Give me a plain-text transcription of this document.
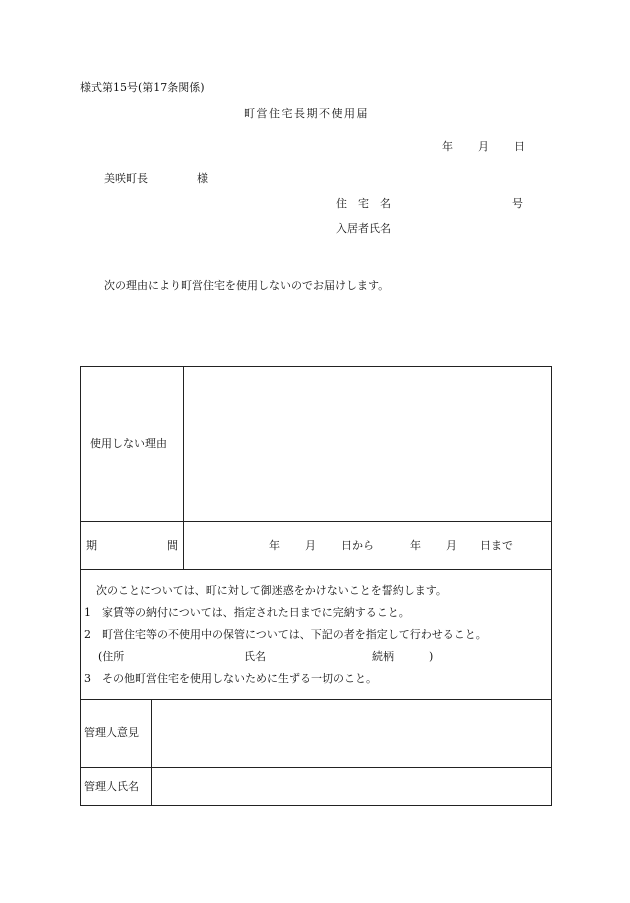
様式第15号(第17条関係)
町営住宅長期不使用届
年 月 日
美咲町長	様
住　宅　名	号
入居者氏名
次の理由により町営住宅を使用しないのでお届けします。
使用しない理由
期	間	年 月 日から	年 月 日まで
次のことについては、町に対して御迷惑をかけないことを誓約します。
1　家賃等の納付については、指定された日までに完納すること。
2　町営住宅等の不使用中の保管については、下記の者を指定して行わせること。
(住所	氏名	続柄	)
3　その他町営住宅を使用しないために生ずる一切のこと。
管理人意見
管理人氏名
